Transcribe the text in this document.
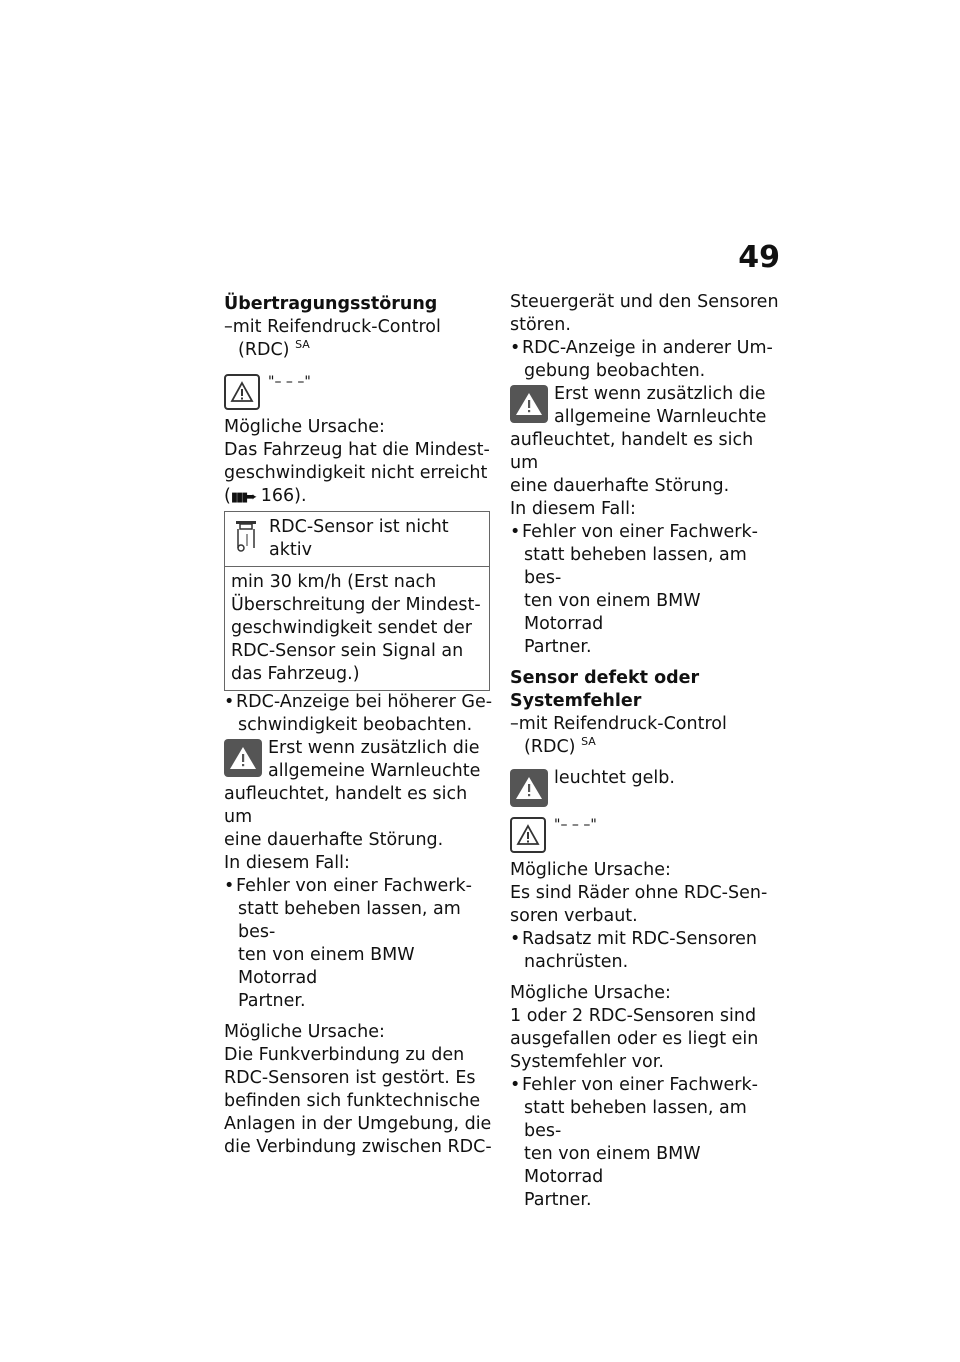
49
Übertragungsstörung
–mit Reifendruck-Control
(RDC) $^{SA}$
"– – –"
Mögliche Ursache:
Das Fahrzeug hat die Mindest-
geschwindigkeit nicht erreicht
(▮▮▮➨ 166).
RDC-Sensor ist nicht
aktiv
min 30 km/h (Erst nach
Überschreitung der Mindest-
geschwindigkeit sendet der
RDC-Sensor sein Signal an
das Fahrzeug.)
• RDC-Anzeige bei höherer Ge-
schwindigkeit beobachten.
Erst wenn zusätzlich die
allgemeine Warnleuchte
aufleuchtet, handelt es sich um
eine dauerhafte Störung.
In diesem Fall:
• Fehler von einer Fachwerk-
statt beheben lassen, am bes-
ten von einem BMW Motorrad
Partner.
Mögliche Ursache:
Die Funkverbindung zu den
RDC-Sensoren ist gestört. Es
befinden sich funktechnische
Anlagen in der Umgebung, die
die Verbindung zwischen RDC-
Steuergerät und den Sensoren
stören.
• RDC-Anzeige in anderer Um-
gebung beobachten.
Erst wenn zusätzlich die
allgemeine Warnleuchte
aufleuchtet, handelt es sich um
eine dauerhafte Störung.
In diesem Fall:
• Fehler von einer Fachwerk-
statt beheben lassen, am bes-
ten von einem BMW Motorrad
Partner.
Sensor defekt oder
Systemfehler
–mit Reifendruck-Control
(RDC) $^{SA}$
leuchtet gelb.
"– – –"
Mögliche Ursache:
Es sind Räder ohne RDC-Sen-
soren verbaut.
• Radsatz mit RDC-Sensoren
nachrüsten.
Mögliche Ursache:
1 oder 2 RDC-Sensoren sind
ausgefallen oder es liegt ein
Systemfehler vor.
• Fehler von einer Fachwerk-
statt beheben lassen, am bes-
ten von einem BMW Motorrad
Partner.
